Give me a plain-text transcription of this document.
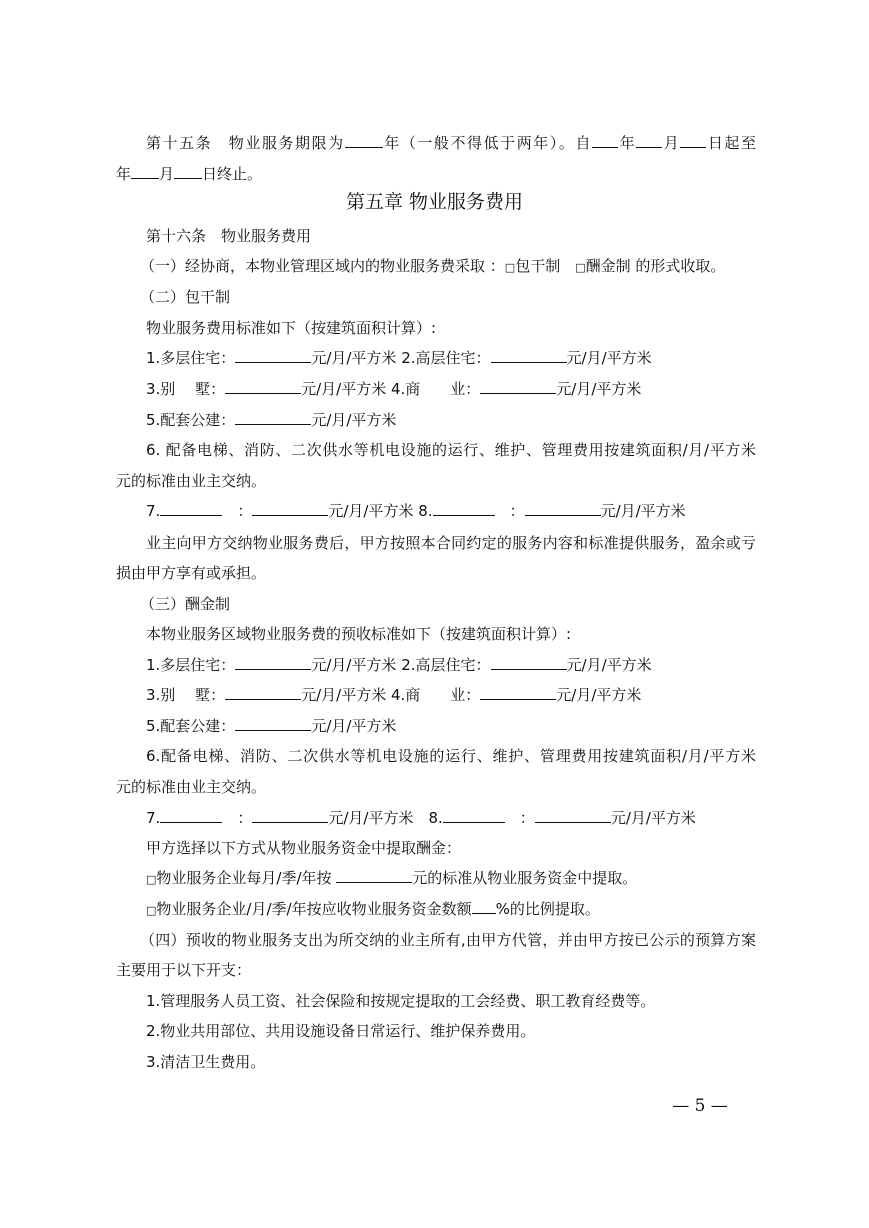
第十五条　物业服务期限为	年（一般不得低于两年）。自 年 月 日起至
年 月 日终止。
第五章 物业服务费用
第十六条　物业服务费用
（一）经协商，本物业管理区域内的物业服务费采取 ：□包干制　 □酬金制 的形式收取。
（二）包干制
物业服务费用标准如下（按建筑面积计算）:
1.多层住宅：	元/月/平方米 2.高层住宅：	元/月/平方米
3.别　 墅：	元/月/平方米 4.商　　业：	元/月/平方米
5.配套公建：	元/月/平方米
6. 配备电梯、消防、二次供水等机电设施的运行、维护、管理费用按建筑面积/月/平方米
元的标准由业主交纳。
7.　	：	元/月/平方米 8.　	：	元/月/平方米
业主向甲方交纳物业服务费后，甲方按照本合同约定的服务内容和标准提供服务，盈余或亏
损由甲方享有或承担。
（三）酬金制
本物业服务区域物业服务费的预收标准如下（按建筑面积计算）:
1.多层住宅：	元/月/平方米 2.高层住宅：	元/月/平方米
3.别　 墅：	元/月/平方米 4.商　　业：	元/月/平方米
5.配套公建：	元/月/平方米
6.配备电梯、消防、二次供水等机电设施的运行、维护、管理费用按建筑面积/月/平方米
元的标准由业主交纳。
7.　	：	元/月/平方米　 8.　	：	元/月/平方米
甲方选择以下方式从物业服务资金中提取酬金：
□物业服务企业每月/季/年按	元的标准从物业服务资金中提取。
□物业服务企业/月/季/年按应收物业服务资金数额 %的比例提取。
（四）预收的物业服务支出为所交纳的业主所有,由甲方代管，并由甲方按已公示的预算方案
主要用于以下开支：
1.管理服务人员工资、社会保险和按规定提取的工会经费、职工教育经费等。
2.物业共用部位、共用设施设备日常运行、维护保养费用。
3.清洁卫生费用。
— 5 —
